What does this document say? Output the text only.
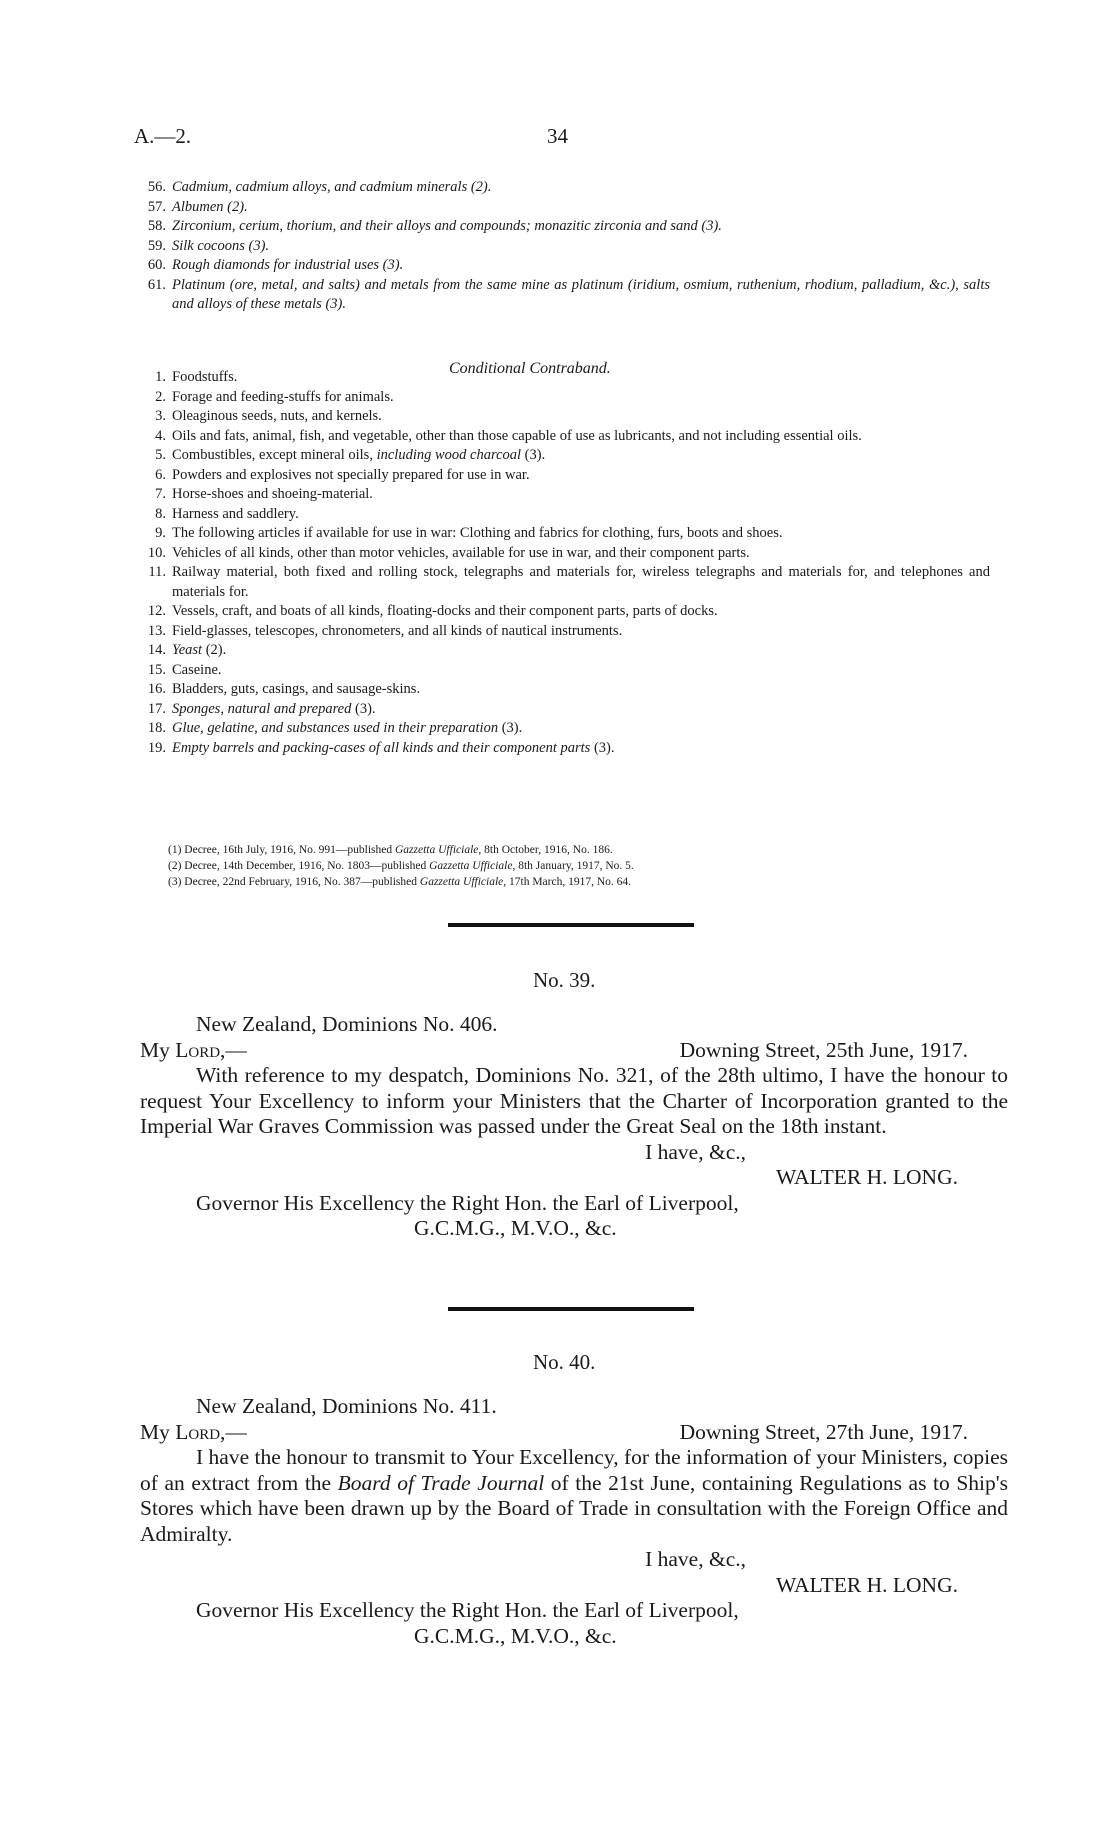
A.—2.	34

56. Cadmium, cadmium alloys, and cadmium minerals (2).

57. Albumen (2).

58. Zirconium, cerium, thorium, and their alloys and compounds; monazitic zirconia and sand (3).

59. Silk cocoons (3).

60. Rough diamonds for industrial uses (3).

61. Platinum (ore, metal, and salts) and metals from the same mine as platinum (iridium, osmium, ruthenium, rhodium, palladium, &c.), salts and alloys of these metals (3).

Conditional Contraband.

1. Foodstuffs.

2. Forage and feeding-stuffs for animals.

3. Oleaginous seeds, nuts, and kernels.

4. Oils and fats, animal, fish, and vegetable, other than those capable of use as lubricants, and not including essential oils.

5. Combustibles, except mineral oils, including wood charcoal (3).

6. Powders and explosives not specially prepared for use in war.

7. Horse-shoes and shoeing-material.

8. Harness and saddlery.

9. The following articles if available for use in war: Clothing and fabrics for clothing, furs, boots and shoes.

10. Vehicles of all kinds, other than motor vehicles, available for use in war, and their component parts.

11. Railway material, both fixed and rolling stock, telegraphs and materials for, wireless telegraphs and materials for, and telephones and materials for.

12. Vessels, craft, and boats of all kinds, floating-docks and their component parts, parts of docks.

13. Field-glasses, telescopes, chronometers, and all kinds of nautical instruments.

14. Yeast (2).

15. Caseine.

16. Bladders, guts, casings, and sausage-skins.

17. Sponges, natural and prepared (3).

18. Glue, gelatine, and substances used in their preparation (3).

19. Empty barrels and packing-cases of all kinds and their component parts (3).

(1) Decree, 16th July, 1916, No. 991—published Gazzetta Ufficiale, 8th October, 1916, No. 186.

(2) Decree, 14th December, 1916, No. 1803—published Gazzetta Ufficiale, 8th January, 1917, No. 5.

(3) Decree, 22nd February, 1916, No. 387—published Gazzetta Ufficiale, 17th March, 1917, No. 64.

No. 39.

New Zealand, Dominions No. 406.

My Lord,—	Downing Street, 25th June, 1917.

With reference to my despatch, Dominions No. 321, of the 28th ultimo, I have the honour to request Your Excellency to inform your Ministers that the Charter of Incorporation granted to the Imperial War Graves Commission was passed under the Great Seal on the 18th instant.

I have, &c.,

WALTER H. LONG.

Governor His Excellency the Right Hon. the Earl of Liverpool,

G.C.M.G., M.V.O., &c.

No. 40.

New Zealand, Dominions No. 411.

My Lord,—	Downing Street, 27th June, 1917.

I have the honour to transmit to Your Excellency, for the information of your Ministers, copies of an extract from the Board of Trade Journal of the 21st June, containing Regulations as to Ship's Stores which have been drawn up by the Board of Trade in consultation with the Foreign Office and Admiralty.

I have, &c.,

WALTER H. LONG.

Governor His Excellency the Right Hon. the Earl of Liverpool,

G.C.M.G., M.V.O., &c.
